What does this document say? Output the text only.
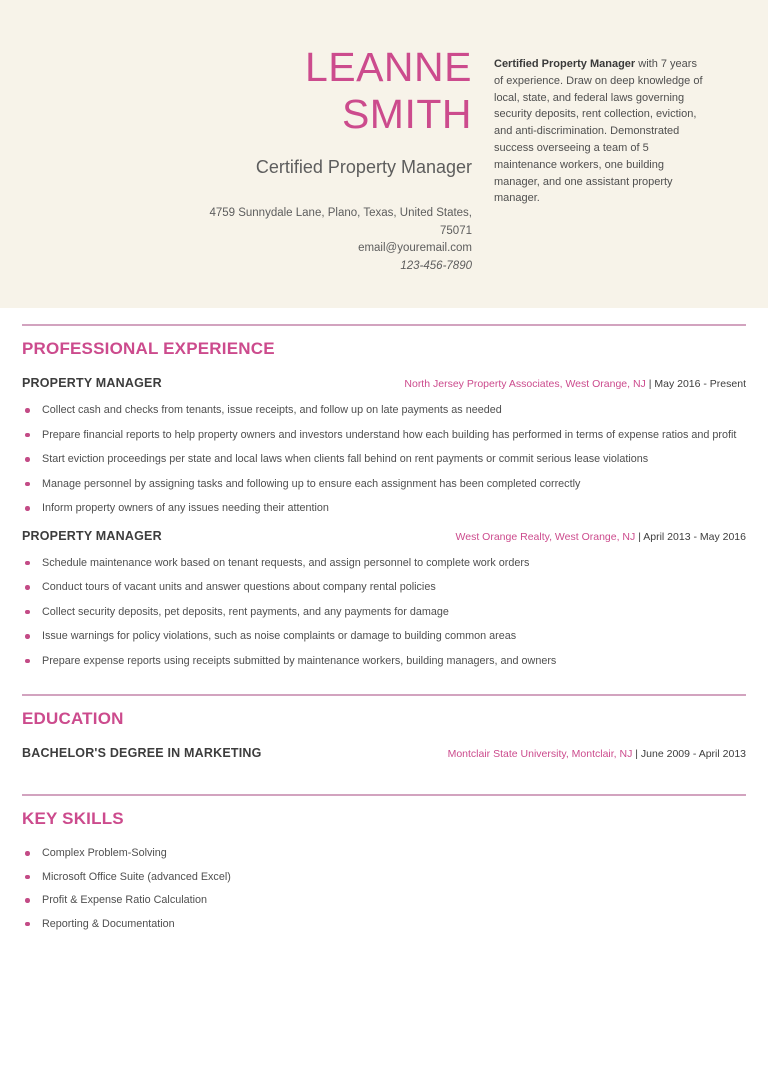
LEANNE
SMITH
Certified Property Manager
4759 Sunnydale Lane, Plano, Texas, United States,
75071
email@youremail.com
123-456-7890
Certified Property Manager with 7 years of experience. Draw on deep knowledge of local, state, and federal laws governing security deposits, rent collection, eviction, and anti-discrimination. Demonstrated success overseeing a team of 5 maintenance workers, one building manager, and one assistant property manager.
PROFESSIONAL EXPERIENCE
PROPERTY MANAGER	North Jersey Property Associates, West Orange, NJ | May 2016 - Present
Collect cash and checks from tenants, issue receipts, and follow up on late payments as needed
Prepare financial reports to help property owners and investors understand how each building has performed in terms of expense ratios and profit
Start eviction proceedings per state and local laws when clients fall behind on rent payments or commit serious lease violations
Manage personnel by assigning tasks and following up to ensure each assignment has been completed correctly
Inform property owners of any issues needing their attention
PROPERTY MANAGER	West Orange Realty, West Orange, NJ | April 2013 - May 2016
Schedule maintenance work based on tenant requests, and assign personnel to complete work orders
Conduct tours of vacant units and answer questions about company rental policies
Collect security deposits, pet deposits, rent payments, and any payments for damage
Issue warnings for policy violations, such as noise complaints or damage to building common areas
Prepare expense reports using receipts submitted by maintenance workers, building managers, and owners
EDUCATION
BACHELOR'S DEGREE IN MARKETING	Montclair State University, Montclair, NJ | June 2009 - April 2013
KEY SKILLS
Complex Problem-Solving
Microsoft Office Suite (advanced Excel)
Profit & Expense Ratio Calculation
Reporting & Documentation
